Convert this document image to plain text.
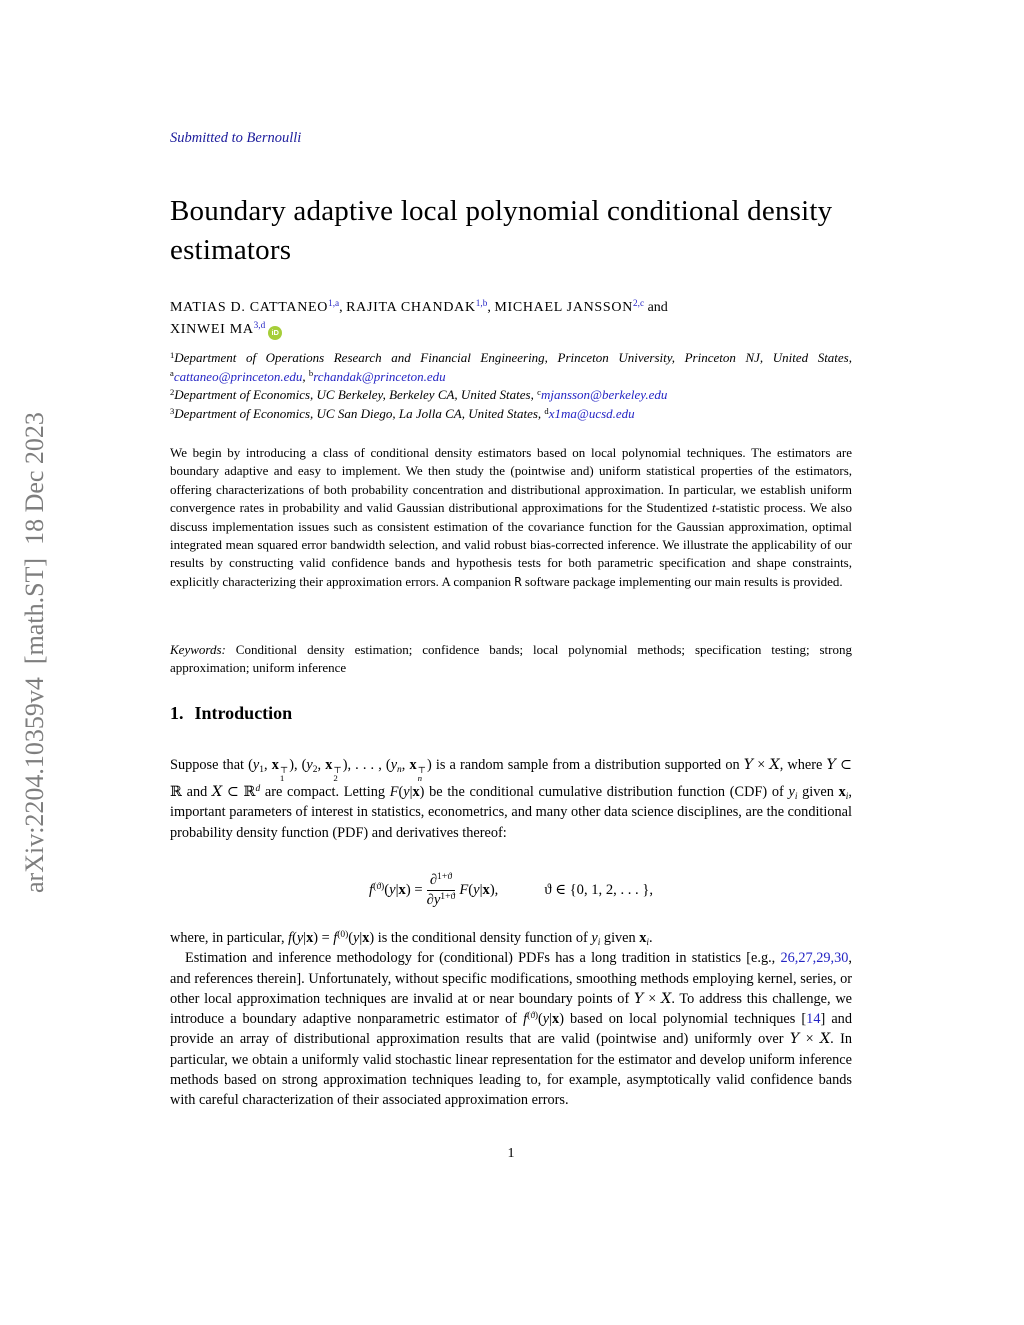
arXiv:2204.10359v4  [math.ST]  18 Dec 2023
Submitted to Bernoulli
Boundary adaptive local polynomial conditional density estimators
MATIAS D. CATTANEO$^{1,a}$, RAJITA CHANDAK$^{1,b}$, MICHAEL JANSSON$^{2,c}$ and
XINWEI MA$^{3,d}$
iD
$^1$Department of Operations Research and Financial Engineering, Princeton University, Princeton NJ, United States, $^a$cattaneo@princeton.edu, $^b$rchandak@princeton.edu
$^2$Department of Economics, UC Berkeley, Berkeley CA, United States, $^c$mjansson@berkeley.edu
$^3$Department of Economics, UC San Diego, La Jolla CA, United States, $^d$x1ma@ucsd.edu

We begin by introducing a class of conditional density estimators based on local polynomial techniques. The estimators are boundary adaptive and easy to implement. We then study the (pointwise and) uniform statistical properties of the estimators, offering characterizations of both probability concentration and distributional approximation. In particular, we establish uniform convergence rates in probability and valid Gaussian distributional approximations for the Studentized t-statistic process. We also discuss implementation issues such as consistent estimation of the covariance function for the Gaussian approximation, optimal integrated mean squared error bandwidth selection, and valid robust bias-corrected inference. We illustrate the applicability of our results by constructing valid confidence bands and hypothesis tests for both parametric specification and shape constraints, explicitly characterizing their approximation errors. A companion R software package implementing our main results is provided.

Keywords: Conditional density estimation; confidence bands; local polynomial methods; specification testing; strong approximation; uniform inference

1. Introduction

Suppose that (y1, x ⊤
1
), (y2, x ⊤
2
), . . . , (yn, x ⊤
n
) is a random sample from a distribution supported on Y × X, where Y ⊂ ℝ and X ⊂ ℝ$^d$ are compact. Letting F(y|x) be the conditional cumulative distribution function (CDF) of yi given xi, important parameters of interest in statistics, econometrics, and many other data science disciplines, are the conditional probability density function (PDF) and derivatives thereof:

$f^{(ϑ)}(y|x) = \frac{\partial^{1+ϑ}}{\partial y^{1+ϑ}} F(y|x)$,	ϑ ∈ {0, 1, 2, . . . },

where, in particular, $f(y|x) = f^{(0)}(y|x)$ is the conditional density function of yi given xi.

Estimation and inference methodology for (conditional) PDFs has a long tradition in statistics [e.g., 26,27,29,30, and references therein]. Unfortunately, without specific modifications, smoothing methods employing kernel, series, or other local approximation techniques are invalid at or near boundary points of Y × X. To address this challenge, we introduce a boundary adaptive nonparametric estimator of $f^{(ϑ)}(y|x)$ based on local polynomial techniques [14] and provide an array of distributional approximation results that are valid (pointwise and) uniformly over Y × X. In particular, we obtain a uniformly valid stochastic linear representation for the estimator and develop uniform inference methods based on strong approximation techniques leading to, for example, asymptotically valid confidence bands with careful characterization of their associated approximation errors.

1
